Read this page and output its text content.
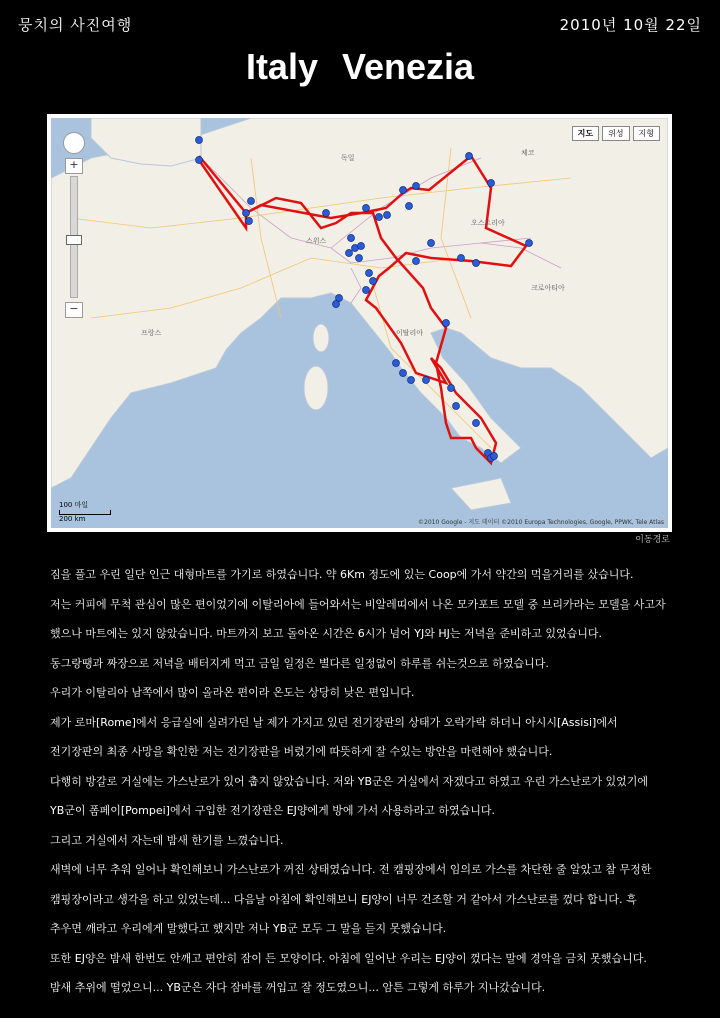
뭉치의 사진여행	2010년 10월 22일
Italy Venezia
프랑스
독일
스위스
오스트리아
이탈리아
크로아티아
체코
+
−
지도	위성	지형
100 마일
200 km	©2010 Google - 지도 데이터 ©2010 Europa Technologies, Google, PPWK, Tele Atlas
이동경로

짐을 풀고 우린 일단 인근 대형마트를 가기로 하였습니다. 약 6Km 정도에 있는 Coop에 가서 약간의 먹을거리를 샀습니다.

저는 커피에 무척 관심이 많은 편이었기에 이탈리아에 들어와서는 비알레띠에서 나온 모카포트 모델 중 브리카라는 모델을 사고자

했으나 마트에는 있지 않았습니다. 마트까지 보고 돌아온 시간은 6시가 넘어 YJ와 HJ는 저녁을 준비하고 있었습니다.

동그랑땡과 짜장으로 저녁을 배터지게 먹고 금일 일정은 별다른 일정없이 하루를 쉬는것으로 하였습니다.

우리가 이탈리아 남쪽에서 많이 올라온 편이라 온도는 상당히 낮은 편입니다.

제가 로마[Rome]에서 응급실에 실려가던 날 제가 가지고 있던 전기장판의 상태가 오락가락 하더니 아시시[Assisi]에서

전기장판의 최종 사망을 확인한 저는 전기장판을 버렸기에 따뜻하게 잘 수있는 방안을 마련해야 했습니다.

다행히 방갈로 거실에는 가스난로가 있어 춥지 않았습니다. 저와 YB군은 거실에서 자겠다고 하였고 우린 가스난로가 있었기에

YB군이 폼페이[Pompei]에서 구입한 전기장판은 EJ양에게 방에 가서 사용하라고 하였습니다.

그리고 거실에서 자는데 밤새 한기를 느꼈습니다.

새벽에 너무 추워 일어나 확인해보니 가스난로가 꺼진 상태였습니다. 전 캠핑장에서 임의로 가스를 차단한 줄 알았고 참 무정한

캠핑장이라고 생각을 하고 있었는데... 다음날 아침에 확인해보니 EJ양이 너무 건조할 거 같아서 가스난로를 껐다 합니다. 흑

추우면 깨라고 우리에게 말했다고 했지만 저나 YB군 모두 그 말을 듣지 못했습니다.

또한 EJ양은 밤새 한번도 안깨고 편안히 잠이 든 모양이다. 아침에 일어난 우리는 EJ양이 껐다는 말에 경악을 금치 못했습니다.

밤새 추위에 떨었으니... YB군은 자다 잠바를 꺼입고 잘 정도였으니... 암튼 그렇게 하루가 지나갔습니다.
